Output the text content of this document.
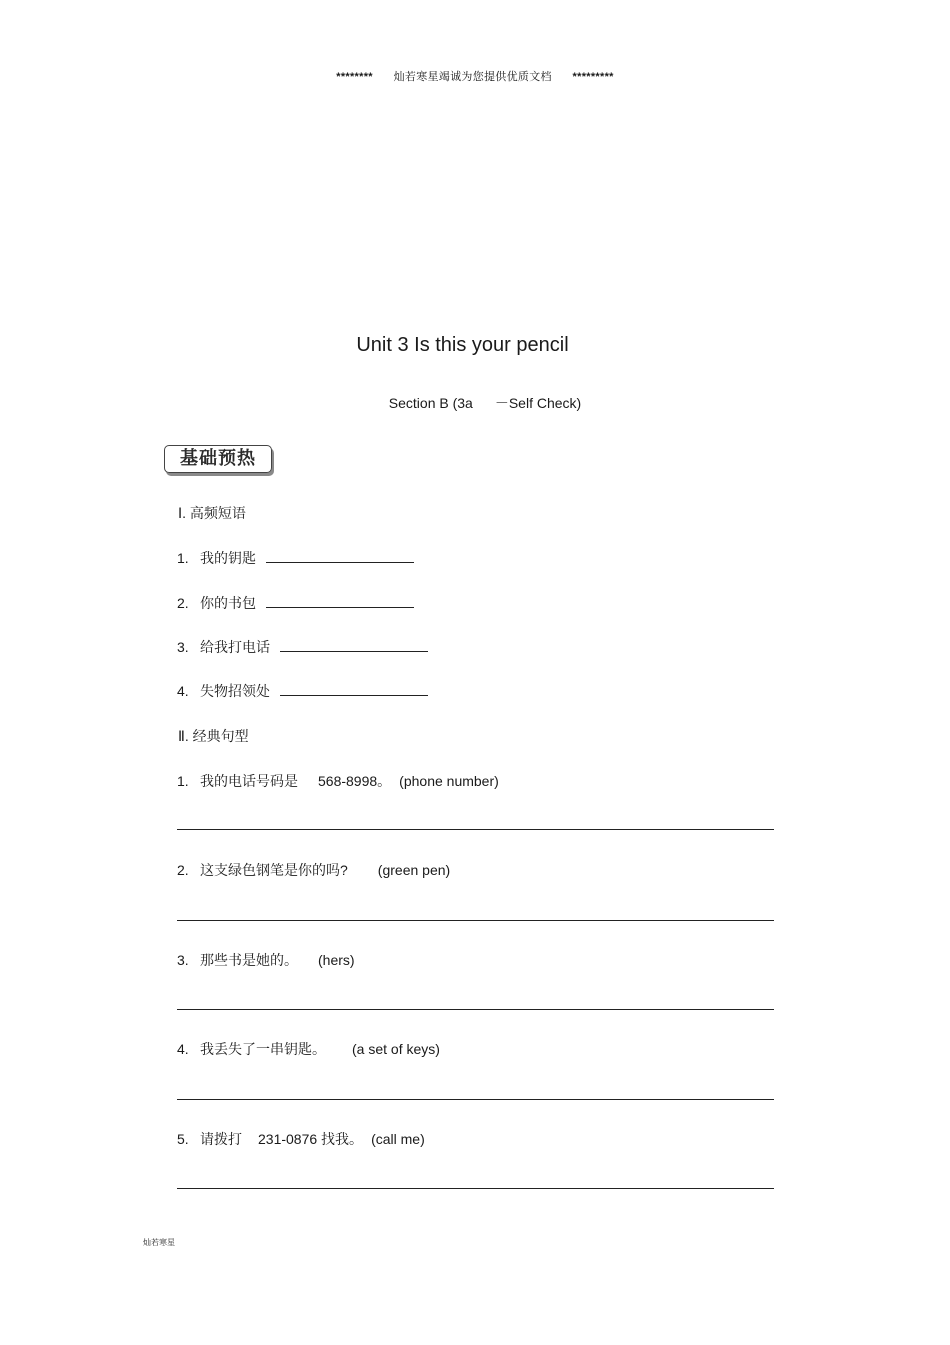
******** 灿若寒星竭诚为您提供优质文档 *********
Unit 3 Is this your pencil
Section B (3a －Self Check)
基础预热
Ⅰ. 高频短语
1. 我的钥匙
2. 你的书包
3. 给我打电话
4. 失物招领处
Ⅱ. 经典句型
1. 我的电话号码是 568-8998。 (phone number)
2. 这支绿色钢笔是你的吗? (green pen)
3. 那些书是她的。 (hers)
4. 我丢失了一串钥匙。 (a set of keys)
5. 请拨打 231-0876 找我。 (call me)
灿若寒星
